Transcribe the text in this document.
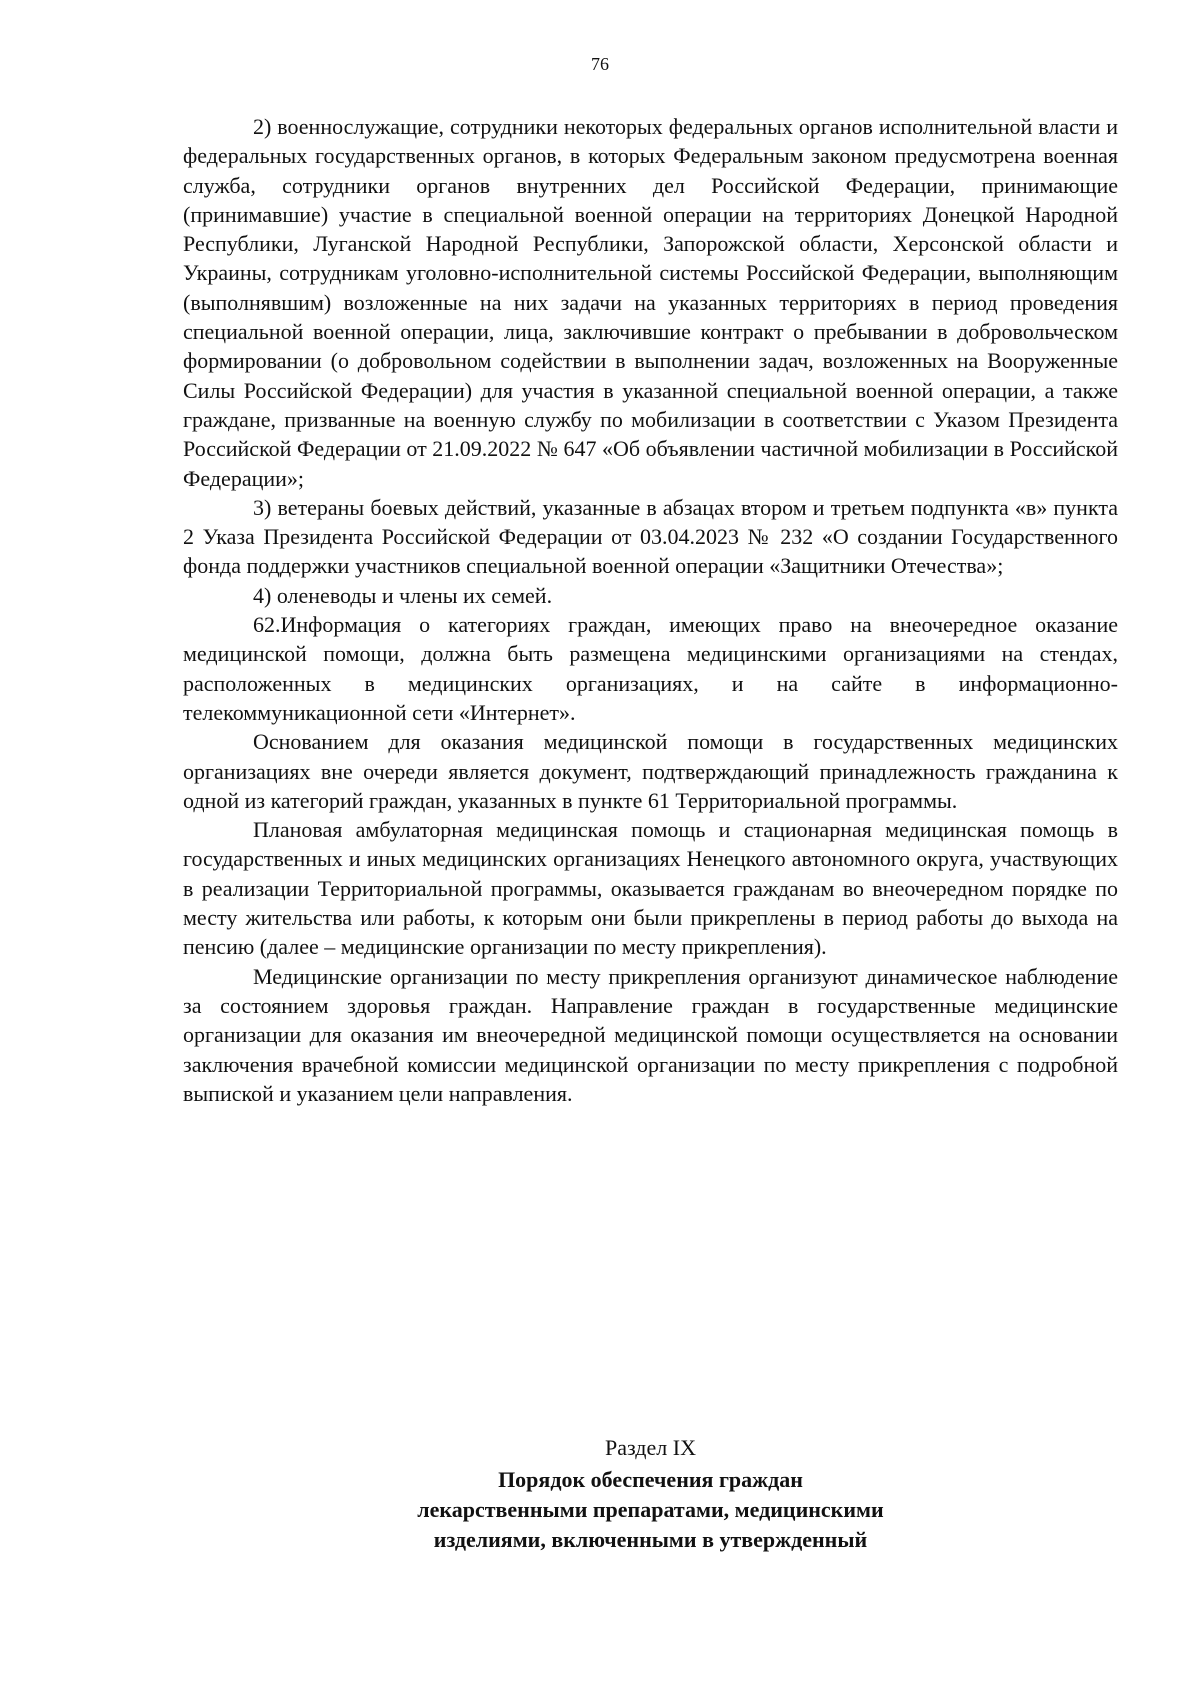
76

2) военнослужащие, сотрудники некоторых федеральных органов исполнительной власти и федеральных государственных органов, в которых Федеральным законом предусмотрена военная служба, сотрудники органов внутренних дел Российской Федерации, принимающие (принимавшие) участие в специальной военной операции на территориях Донецкой Народной Республики, Луганской Народной Республики, Запорожской области, Херсонской области и Украины, сотрудникам уголовно-исполнительной системы Российской Федерации, выполняющим (выполнявшим) возложенные на них задачи на указанных территориях в период проведения специальной военной операции, лица, заключившие контракт о пребывании в добровольческом формировании (о добровольном содействии в выполнении задач, возложенных на Вооруженные Силы Российской Федерации) для участия в указанной специальной военной операции, а также граждане, призванные на военную службу по мобилизации в соответствии с Указом Президента Российской Федерации от 21.09.2022 № 647 «Об объявлении частичной мобилизации в Российской Федерации»;

3) ветераны боевых действий, указанные в абзацах втором и третьем подпункта «в» пункта 2 Указа Президента Российской Федерации от 03.04.2023 № 232 «О создании Государственного фонда поддержки участников специальной военной операции «Защитники Отечества»;

4) оленеводы и члены их семей.

62.Информация о категориях граждан, имеющих право на внеочередное оказание медицинской помощи, должна быть размещена медицинскими организациями на стендах, расположенных в медицинских организациях, и на сайте в информационно-телекоммуникационной сети «Интернет».

Основанием для оказания медицинской помощи в государственных медицинских организациях вне очереди является документ, подтверждающий принадлежность гражданина к одной из категорий граждан, указанных в пункте 61 Территориальной программы.

Плановая амбулаторная медицинская помощь и стационарная медицинская помощь в государственных и иных медицинских организациях Ненецкого автономного округа, участвующих в реализации Территориальной программы, оказывается гражданам во внеочередном порядке по месту жительства или работы, к которым они были прикреплены в период работы до выхода на пенсию (далее – медицинские организации по месту прикрепления).

Медицинские организации по месту прикрепления организуют динамическое наблюдение за состоянием здоровья граждан. Направление граждан в государственные медицинские организации для оказания им внеочередной медицинской помощи осуществляется на основании заключения врачебной комиссии медицинской организации по месту прикрепления с подробной выпиской и указанием цели направления.

Раздел IX
Порядок обеспечения граждан
лекарственными препаратами, медицинскими
изделиями, включенными в утвержденный
